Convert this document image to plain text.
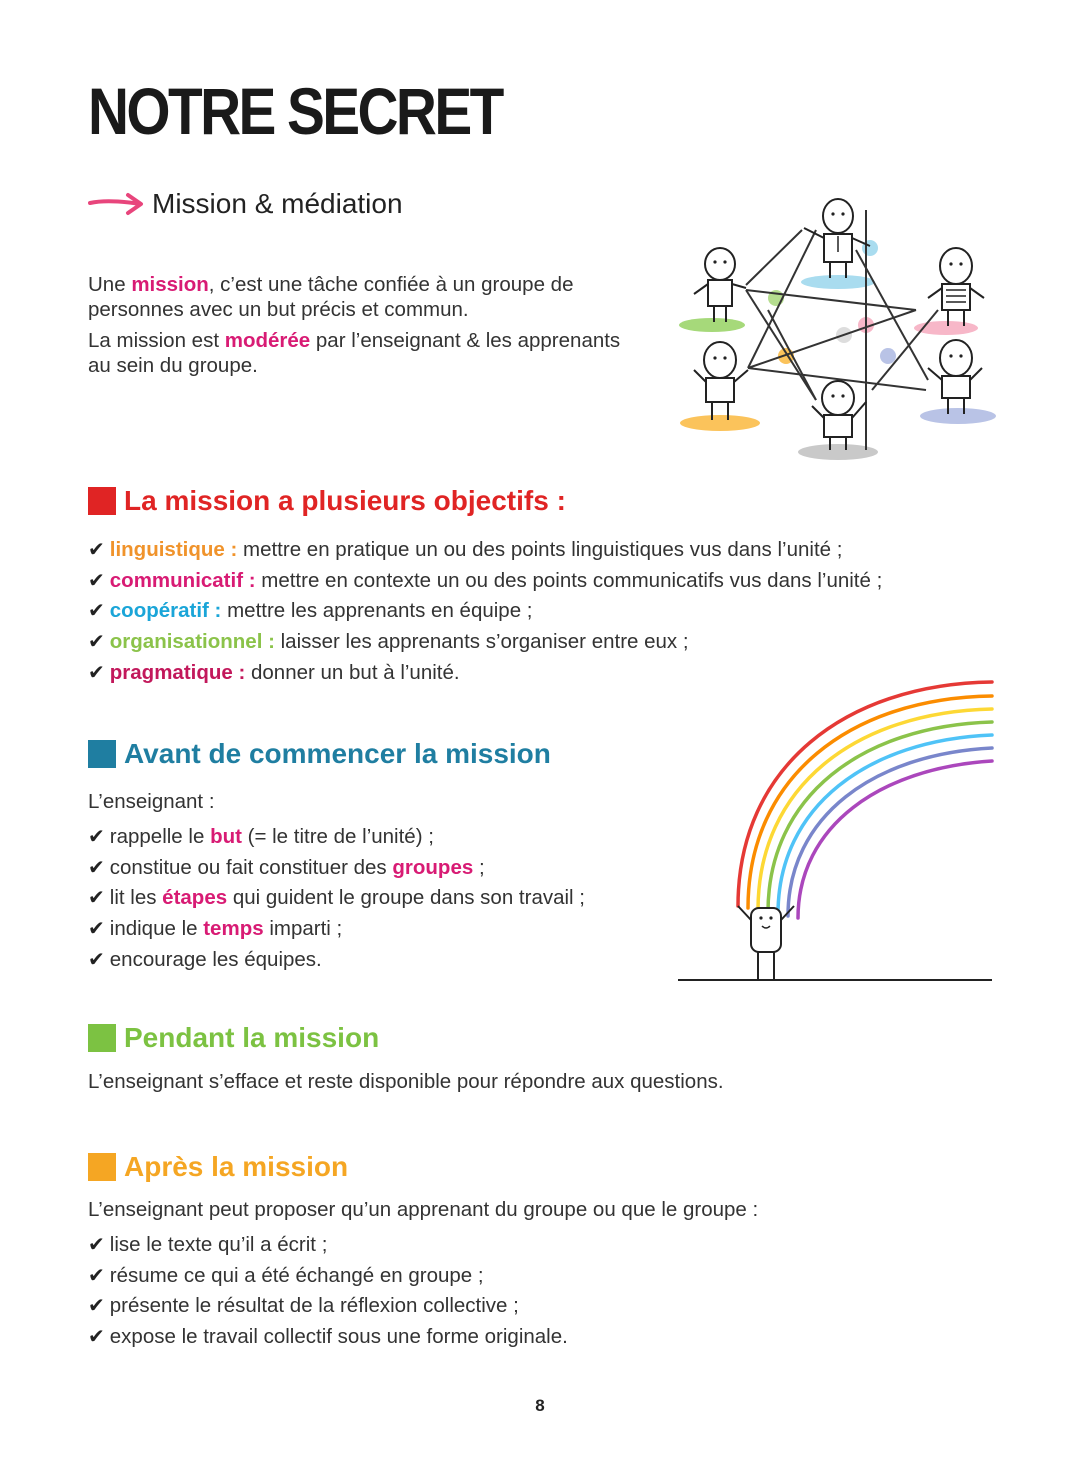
NOTRE SECRET
Mission & médiation

Une mission, c’est une tâche confiée à un groupe de personnes avec un but précis et commun.

La mission est modérée par l’enseignant & les apprenants au sein du groupe.

La mission a plusieurs objectifs :
✔ linguistique : mettre en pratique un ou des points linguistiques vus dans l’unité ;
✔ communicatif : mettre en contexte un ou des points communicatifs vus dans l’unité ;
✔ coopératif : mettre les apprenants en équipe ;
✔ organisationnel : laisser les apprenants s’organiser entre eux ;
✔ pragmatique : donner un but à l’unité.
Avant de commencer la mission
L’enseignant :
✔ rappelle le but (= le titre de l’unité) ;
✔ constitue ou fait constituer des groupes ;
✔ lit les étapes qui guident le groupe dans son travail ;
✔ indique le temps imparti ;
✔ encourage les équipes.
Pendant la mission
L’enseignant s’efface et reste disponible pour répondre aux questions.
Après la mission
L’enseignant peut proposer qu’un apprenant du groupe ou que le groupe :
✔ lise le texte qu’il a écrit ;
✔ résume ce qui a été échangé en groupe ;
✔ présente le résultat de la réflexion collective ;
✔ expose le travail collectif sous une forme originale.
8
